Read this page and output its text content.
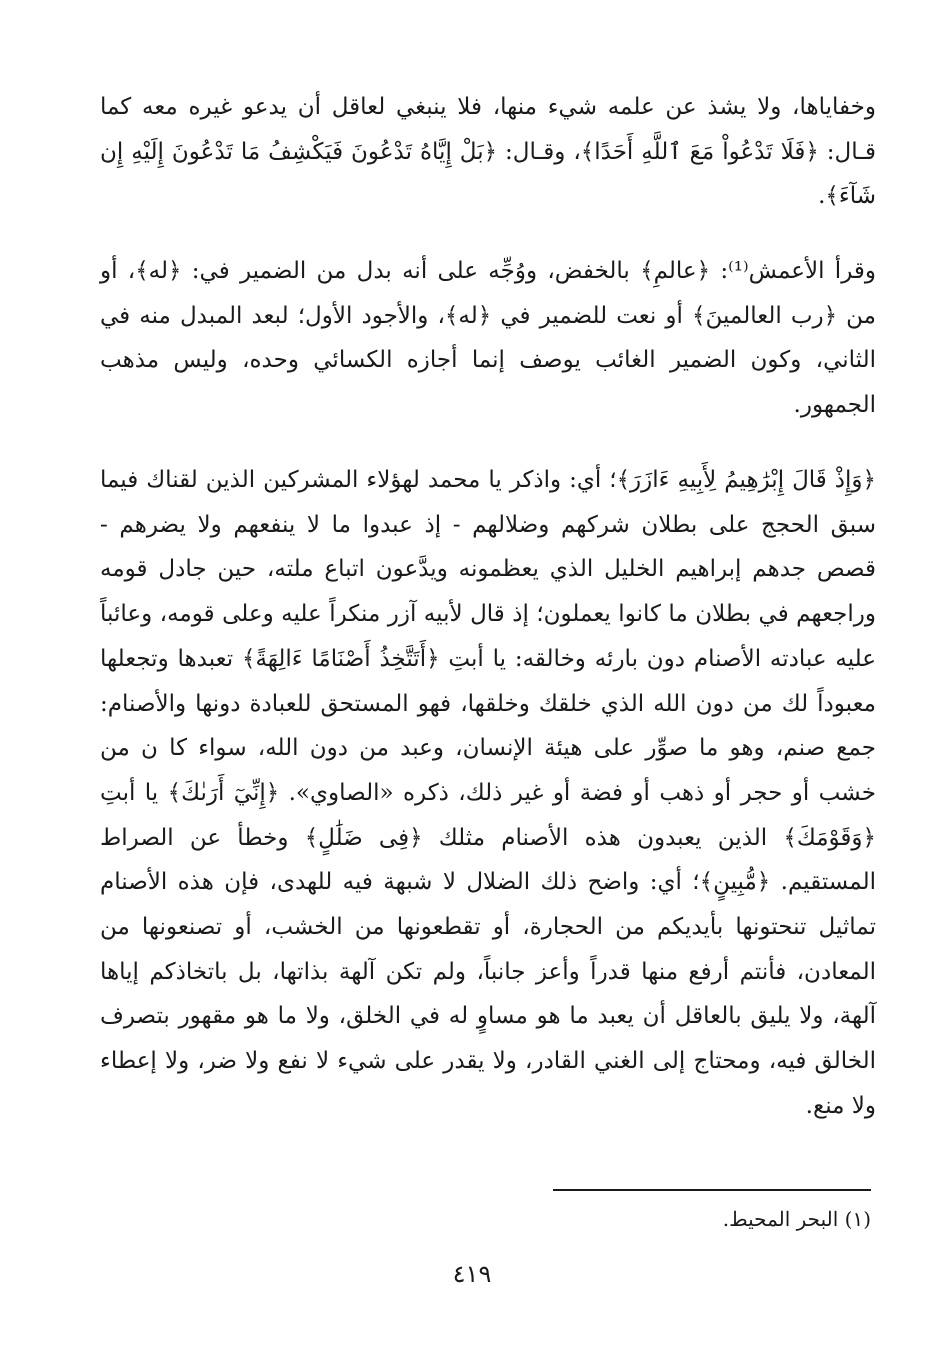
وخفاياها، ولا يشذ عن علمه شيء منها، فلا ينبغي لعاقل أن يدعو غيره معه كما قـال: ﴿فَلَا تَدْعُواْ مَعَ ٱللَّهِ أَحَدًا﴾، وقـال: ﴿بَلْ إِيَّاهُ تَدْعُونَ فَيَكْشِفُ مَا تَدْعُونَ إِلَيْهِ إِن شَآءَ﴾.

وقرأ الأعمش⁽¹⁾: ﴿عالمِ﴾ بالخفض، ووُجِّه على أنه بدل من الضمير في: ﴿له﴾، أو من ﴿رب العالمينَ﴾ أو نعت للضمير في ﴿له﴾، والأجود الأول؛ لبعد المبدل منه في الثاني، وكون الضمير الغائب يوصف إنما أجازه الكسائي وحده، وليس مذهب الجمهور.

﴿وَإِذْ قَالَ إِبْرَٰهِيمُ لِأَبِيهِ ءَازَرَ﴾؛ أي: واذكر يا محمد لهؤلاء المشركين الذين لقناك فيما سبق الحجج على بطلان شركهم وضلالهم - إذ عبدوا ما لا ينفعهم ولا يضرهم - قصص جدهم إبراهيم الخليل الذي يعظمونه ويدَّعون اتباع ملته، حين جادل قومه وراجعهم في بطلان ما كانوا يعملون؛ إذ قال لأبيه آزر منكراً عليه وعلى قومه، وعائباً عليه عبادته الأصنام دون بارئه وخالقه: يا أبتِ ﴿أَتَتَّخِذُ أَصْنَامًا ءَالِهَةً﴾ تعبدها وتجعلها معبوداً لك من دون الله الذي خلقك وخلقها، فهو المستحق للعبادة دونها والأصنام: جمع صنم، وهو ما صوِّر على هيئة الإنسان، وعبد من دون الله، سواء كا ن من خشب أو حجر أو ذهب أو فضة أو غير ذلك، ذكره «الصاوي». ﴿إِنِّيٓ أَرَىٰكَ﴾ يا أبتِ ﴿وَقَوْمَكَ﴾ الذين يعبدون هذه الأصنام مثلك ﴿فِى ضَلَٰلٍ﴾ وخطأ عن الصراط المستقيم. ﴿مُّبِينٍ﴾؛ أي: واضح ذلك الضلال لا شبهة فيه للهدى، فإن هذه الأصنام تماثيل تنحتونها بأيديكم من الحجارة، أو تقطعونها من الخشب، أو تصنعونها من المعادن، فأنتم أرفع منها قدراً وأعز جانباً، ولم تكن آلهة بذاتها، بل باتخاذكم إياها آلهة، ولا يليق بالعاقل أن يعبد ما هو مساوٍ له في الخلق، ولا ما هو مقهور بتصرف الخالق فيه، ومحتاج إلى الغني القادر، ولا يقدر على شيء لا نفع ولا ضر، ولا إعطاء ولا منع.

(١) البحر المحيط.

٤١٩
